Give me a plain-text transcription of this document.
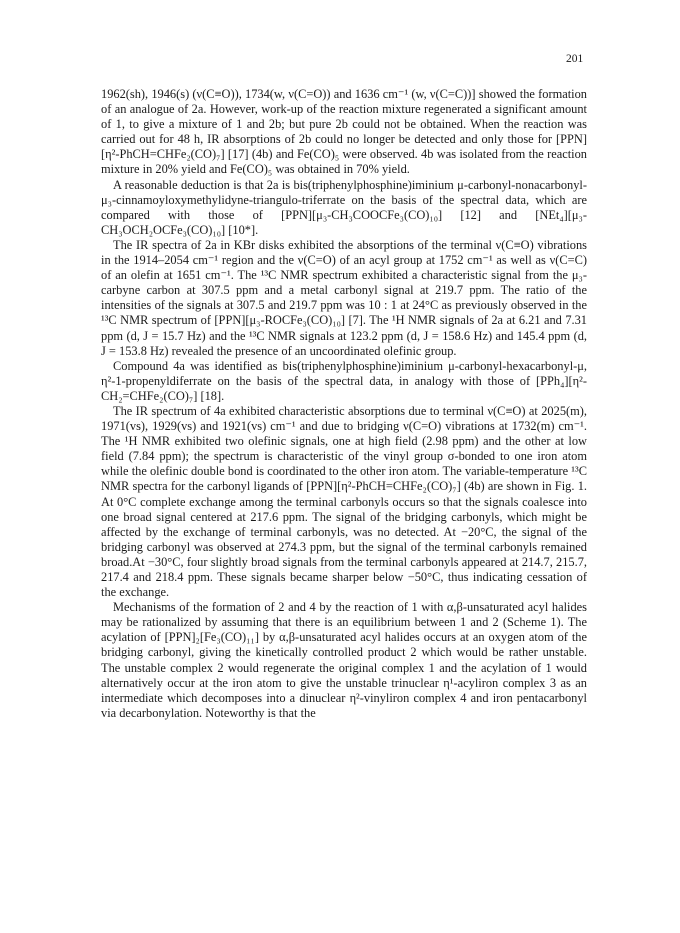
201

1962(sh), 1946(s) (ν(C≡O)), 1734(w, ν(C=O)) and 1636 cm⁻¹ (w, ν(C=C))] showed the formation of an analogue of 2a. However, work-up of the reaction mixture regenerated a significant amount of 1, to give a mixture of 1 and 2b; but pure 2b could not be obtained. When the reaction was carried out for 48 h, IR absorptions of 2b could no longer be detected and only those for [PPN][η²-PhCH=CHFe₂(CO)₇] [17] (4b) and Fe(CO)₅ were observed. 4b was isolated from the reaction mixture in 20% yield and Fe(CO)₅ was obtained in 70% yield.

A reasonable deduction is that 2a is bis(triphenylphosphine)iminium μ-carbonyl-nonacarbonyl-μ₃-cinnamoyloxymethylidyne-triangulo-triferrate on the basis of the spectral data, which are compared with those of [PPN][μ₃-CH₃COOCFe₃(CO)₁₀] [12] and [NEt₄][μ₃-CH₃OCH₂OCFe₃(CO)₁₀] [10*].

The IR spectra of 2a in KBr disks exhibited the absorptions of the terminal ν(C≡O) vibrations in the 1914–2054 cm⁻¹ region and the ν(C=O) of an acyl group at 1752 cm⁻¹ as well as ν(C=C) of an olefin at 1651 cm⁻¹. The ¹³C NMR spectrum exhibited a characteristic signal from the μ₃-carbyne carbon at 307.5 ppm and a metal carbonyl signal at 219.7 ppm. The ratio of the intensities of the signals at 307.5 and 219.7 ppm was 10 : 1 at 24°C as previously observed in the ¹³C NMR spectrum of [PPN][μ₃-ROCFe₃(CO)₁₀] [7]. The ¹H NMR signals of 2a at 6.21 and 7.31 ppm (d, J = 15.7 Hz) and the ¹³C NMR signals at 123.2 ppm (d, J = 158.6 Hz) and 145.4 ppm (d, J = 153.8 Hz) revealed the presence of an uncoordinated olefinic group.

Compound 4a was identified as bis(triphenylphosphine)iminium μ-carbonyl-hexacarbonyl-μ, η²-1-propenyldiferrate on the basis of the spectral data, in analogy with those of [PPh₄][η²-CH₂=CHFe₂(CO)₇] [18].

The IR spectrum of 4a exhibited characteristic absorptions due to terminal ν(C≡O) at 2025(m), 1971(vs), 1929(vs) and 1921(vs) cm⁻¹ and due to bridging ν(C=O) vibrations at 1732(m) cm⁻¹. The ¹H NMR exhibited two olefinic signals, one at high field (2.98 ppm) and the other at low field (7.84 ppm); the spectrum is characteristic of the vinyl group σ-bonded to one iron atom while the olefinic double bond is coordinated to the other iron atom. The variable-temperature ¹³C NMR spectra for the carbonyl ligands of [PPN][η²-PhCH=CHFe₂(CO)₇] (4b) are shown in Fig. 1. At 0°C complete exchange among the terminal carbonyls occurs so that the signals coalesce into one broad signal centered at 217.6 ppm. The signal of the bridging carbonyls, which might be affected by the exchange of terminal carbonyls, was no detected. At −20°C, the signal of the bridging carbonyl was observed at 274.3 ppm, but the signal of the terminal carbonyls remained broad.At −30°C, four slightly broad signals from the terminal carbonyls appeared at 214.7, 215.7, 217.4 and 218.4 ppm. These signals became sharper below −50°C, thus indicating cessation of the exchange.

Mechanisms of the formation of 2 and 4 by the reaction of 1 with α,β-unsaturated acyl halides may be rationalized by assuming that there is an equilibrium between 1 and 2 (Scheme 1). The acylation of [PPN]₂[Fe₃(CO)₁₁] by α,β-unsaturated acyl halides occurs at an oxygen atom of the bridging carbonyl, giving the kinetically controlled product 2 which would be rather unstable. The unstable complex 2 would regenerate the original complex 1 and the acylation of 1 would alternatively occur at the iron atom to give the unstable trinuclear η¹-acyliron complex 3 as an intermediate which decomposes into a dinuclear η²-vinyliron complex 4 and iron pentacarbonyl via decarbonylation. Noteworthy is that the
